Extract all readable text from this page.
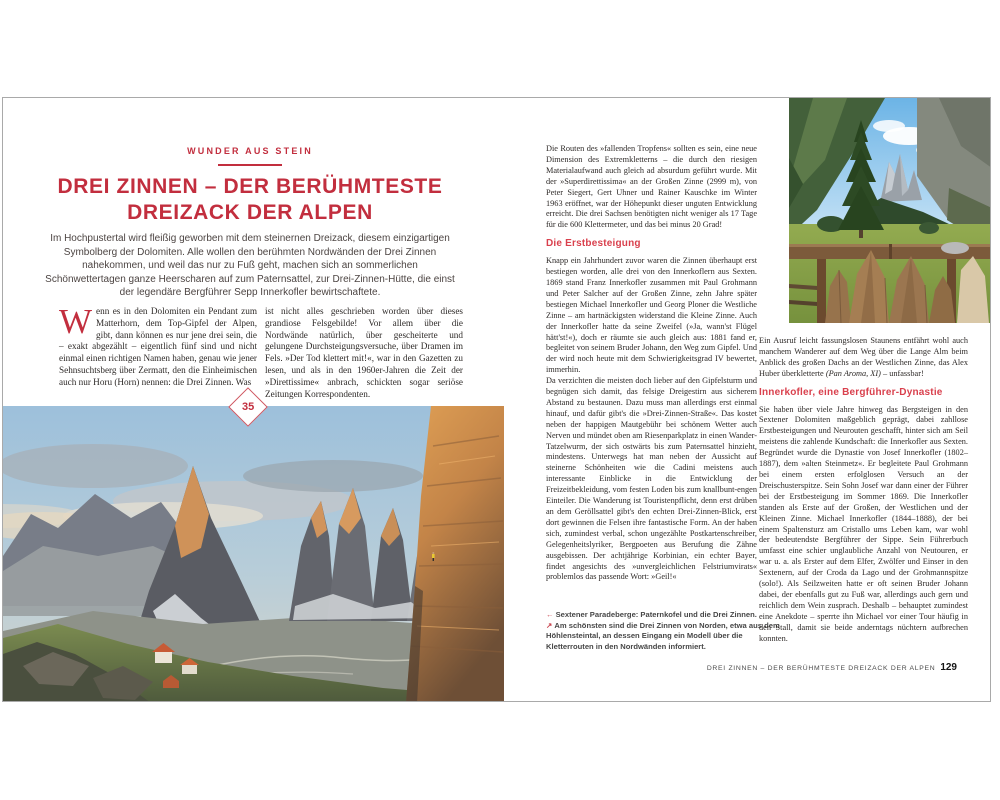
WUNDER AUS STEIN
DREI ZINNEN – DER BERÜHMTESTE
DREIZACK DER ALPEN

Im Hochpustertal wird fleißig geworben mit dem steinernen Dreizack, diesem einzigartigen Symbolberg der Dolomiten. Alle wollen den berühmten Nordwänden der Drei Zinnen nahekommen, und weil das nur zu Fuß geht, machen sich an sommerlichen Schönwettertagen ganze Heerscharen auf zum Paternsattel, zur Drei-Zinnen-Hütte, die einst der legendäre Bergführer Sepp Innerkofler bewirtschaftete.

Wenn es in den Dolomiten ein Pendant zum Matterhorn, dem Top-Gipfel der Alpen, gibt, dann können es nur jene drei sein, die – exakt abgezählt – eigentlich fünf sind und nicht einmal einen richtigen Namen haben, genau wie jener Sehnsuchtsberg über Zermatt, den die Einheimischen auch nur Horu (Horn) nennen: die Drei Zinnen. Was
ist nicht alles geschrieben worden über dieses grandiose Felsgebilde! Vor allem über die Nordwände natürlich, über gescheiterte und gelungene Durchsteigungsversuche, über Dramen im Fels. »Der Tod klettert mit!«, war in den Gazetten zu lesen, und als in den 1960er-Jahren die Zeit der »Direttissime« anbrach, schickten sogar seriöse Zeitungen Korrespondenten.
35

Die Routen des »fallenden Tropfens« sollten es sein, eine neue Dimension des Extremkletterns – die durch den riesigen Materialaufwand auch gleich ad absurdum geführt wurde. Mit der »Superdirettissima« an der Großen Zinne (2999 m), von Peter Siegert, Gert Uhner und Rainer Kauschke im Winter 1963 eröffnet, war der Höhepunkt dieser unguten Entwicklung erreicht. Die drei Sachsen benötigten nicht weniger als 17 Tage für die 600 Klettermeter, und das bei minus 20 Grad!

Die Erstbesteigung

Knapp ein Jahrhundert zuvor waren die Zinnen überhaupt erst bestiegen worden, alle drei von den Innerkoflern aus Sexten. 1869 stand Franz Innerkofler zusammen mit Paul Grohmann und Peter Salcher auf der Großen Zinne, zehn Jahre später bestiegen Michael Innerkofler und Georg Ploner die Westliche Zinne – am hartnäckigsten widerstand die Kleine Zinne. Auch der Innerkofler hatte da seine Zweifel (»Ja, wann'st Flügel hätt'st!«), doch er räumte sie auch gleich aus: 1881 fand er, begleitet von seinem Bruder Johann, den Weg zum Gipfel. Und der wird noch heute mit dem Schwierigkeitsgrad IV bewertet, immerhin.

Da verzichten die meisten doch lieber auf den Gipfelsturm und begnügen sich damit, das felsige Dreigestirn aus sicherem Abstand zu bestaunen. Dazu muss man allerdings erst einmal hinauf, und dafür gibt's die »Drei-Zinnen-Straße«. Das kostet neben der happigen Mautgebühr bei schönem Wetter auch Nerven und mündet oben am Riesenparkplatz in einen Wander-Tatzelwurm, der sich ostwärts bis zum Paternsattel hinzieht, mindestens. Unterwegs hat man neben der Aussicht auf steinerne Schönheiten wie die Cadini meistens auch interessante Einblicke in die Entwicklung der Freizeitbekleidung, vom festen Loden bis zum knallbunt-engen Einteiler. Die Wanderung ist Touristenpflicht, denn erst drüben an dem Geröllsattel gibt's den echten Drei-Zinnen-Blick, erst dort gewinnen die Felsen ihre fantastische Form. An der haben sich, zumindest verbal, schon ungezählte Postkartenschreiber, Gelegenheitslyriker, Bergpoeten aus Berufung die Zähne ausgebissen. Der achtjährige Korbinian, ein echter Bayer, findet angesichts des »unvergleichlichen Felstriumvirats« problemlos das passende Wort: »Geil!«

← Sextener Paradeberge: Paternkofel und die Drei Zinnen.
↗ Am schönsten sind die Drei Zinnen von Norden, etwa aus dem Höhlensteintal, an dessen Eingang ein Modell über die Kletterrouten in den Nordwänden informiert.

Ein Ausruf leicht fassungslosen Staunens entfährt wohl auch manchem Wanderer auf dem Weg über die Lange Alm beim Anblick des großen Dachs an der Westlichen Zinne, das Alex Huber überkletterte (Pan Aroma, XI) – unfassbar!

Innerkofler, eine Bergführer-Dynastie

Sie haben über viele Jahre hinweg das Bergsteigen in den Sextener Dolomiten maßgeblich geprägt, dabei zahllose Erstbesteigungen und Neurouten geschafft, hinter sich am Seil meistens die zahlende Kundschaft: die Innerkofler aus Sexten. Begründet wurde die Dynastie von Josef Innerkofler (1802–1887), dem »alten Steinmetz«. Er begleitete Paul Grohmann bei einem ersten erfolglosen Versuch an der Dreischusterspitze. Sein Sohn Josef war dann einer der Führer bei der Erstbesteigung im Sommer 1869. Die Innerkofler standen als Erste auf der Großen, der Westlichen und der Kleinen Zinne. Michael Innerkofler (1844–1888), der bei einem Spaltensturz am Cristallo ums Leben kam, war wohl der bedeutendste Bergführer der Sippe. Sein Führerbuch umfasst eine schier unglaubliche Anzahl von Neutouren, er war u. a. als Erster auf dem Elfer, Zwölfer und Einser in den Sextenern, auf der Croda da Lago und der Grohmannspitze (solo!). Als Seilzweiten hatte er oft seinen Bruder Johann dabei, der ebenfalls gut zu Fuß war, allerdings auch gern und reichlich dem Wein zusprach. Deshalb – behauptet zumindest eine Anekdote – sperrte ihn Michael vor einer Tour häufig in den Stall, damit sie beide anderntags nüchtern aufbrechen konnten.

DREI ZINNEN – DER BERÜHMTESTE DREIZACK DER ALPEN 129
